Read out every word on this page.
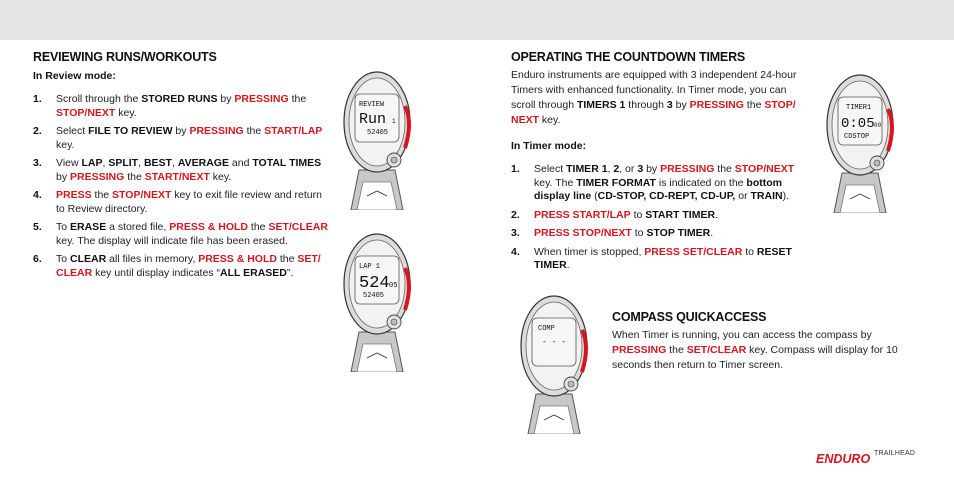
REVIEWING RUNS/WORKOUTS
In Review mode:
1. Scroll through the STORED RUNS by PRESSING the STOP/NEXT key.
2. Select FILE TO REVIEW by PRESSING the START/LAP key.
3. View LAP, SPLIT, BEST, AVERAGE and TOTAL TIMES by PRESSING the START/NEXT key.
4. PRESS the STOP/NEXT key to exit file review and return to Review directory.
5. To ERASE a stored file, PRESS & HOLD the SET/CLEAR key. The display will indicate file has been erased.
6. To CLEAR all files in memory, PRESS & HOLD the SET/ CLEAR key until display indicates “ALL ERASED”.
OPERATING THE COUNTDOWN TIMERS
Enduro instruments are equipped with 3 independent 24-hour Timers with enhanced functionality. In Timer mode, you can scroll through TIMERS 1 through 3 by PRESSING the STOP/ NEXT key.
In Timer mode:
1. Select TIMER 1, 2, or 3 by PRESSING the STOP/NEXT key. The TIMER FORMAT is indicated on the bottom display line (CD-STOP, CD-REPT, CD-UP, or TRAIN).
2. PRESS START/LAP to START TIMER.
3. PRESS STOP/NEXT to STOP TIMER.
4. When timer is stopped, PRESS SET/CLEAR to RESET TIMER.
COMPASS QUICKACCESS
When Timer is running, you can access the compass by PRESSING the SET/CLEAR key. Compass will display for 10 seconds then return to Timer screen.
REVIEW
Run 1
52405
LAP 1
524 05
52405
TIMER1
0:05 00
CDSTOP
COMP
- - -
ENDURO TRAILHEAD
